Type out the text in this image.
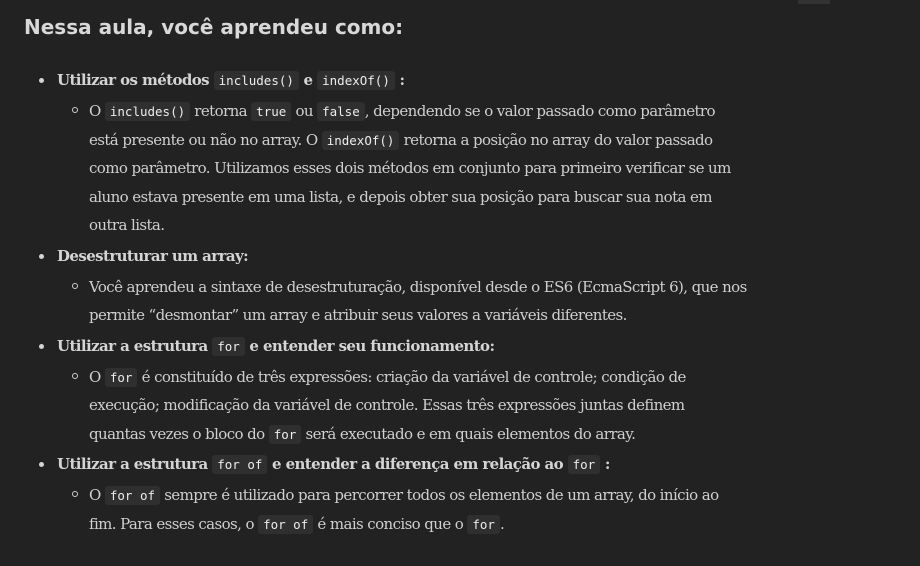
Nessa aula, você aprendeu como:
Utilizar os métodos includes() e indexOf() :
O includes() retorna true ou false , dependendo se o valor passado como parâmetro
está presente ou não no array. O indexOf() retorna a posição no array do valor passado
como parâmetro. Utilizamos esses dois métodos em conjunto para primeiro verificar se um
aluno estava presente em uma lista, e depois obter sua posição para buscar sua nota em
outra lista.
Desestruturar um array:
Você aprendeu a sintaxe de desestruturação, disponível desde o ES6 (EcmaScript 6), que nos
permite “desmontar” um array e atribuir seus valores a variáveis diferentes.
Utilizar a estrutura for e entender seu funcionamento:
O for é constituído de três expressões: criação da variável de controle; condição de
execução; modificação da variável de controle. Essas três expressões juntas definem
quantas vezes o bloco do for será executado e em quais elementos do array.
Utilizar a estrutura for of e entender a diferença em relação ao for :
O for of sempre é utilizado para percorrer todos os elementos de um array, do início ao
fim. Para esses casos, o for of é mais conciso que o for .
